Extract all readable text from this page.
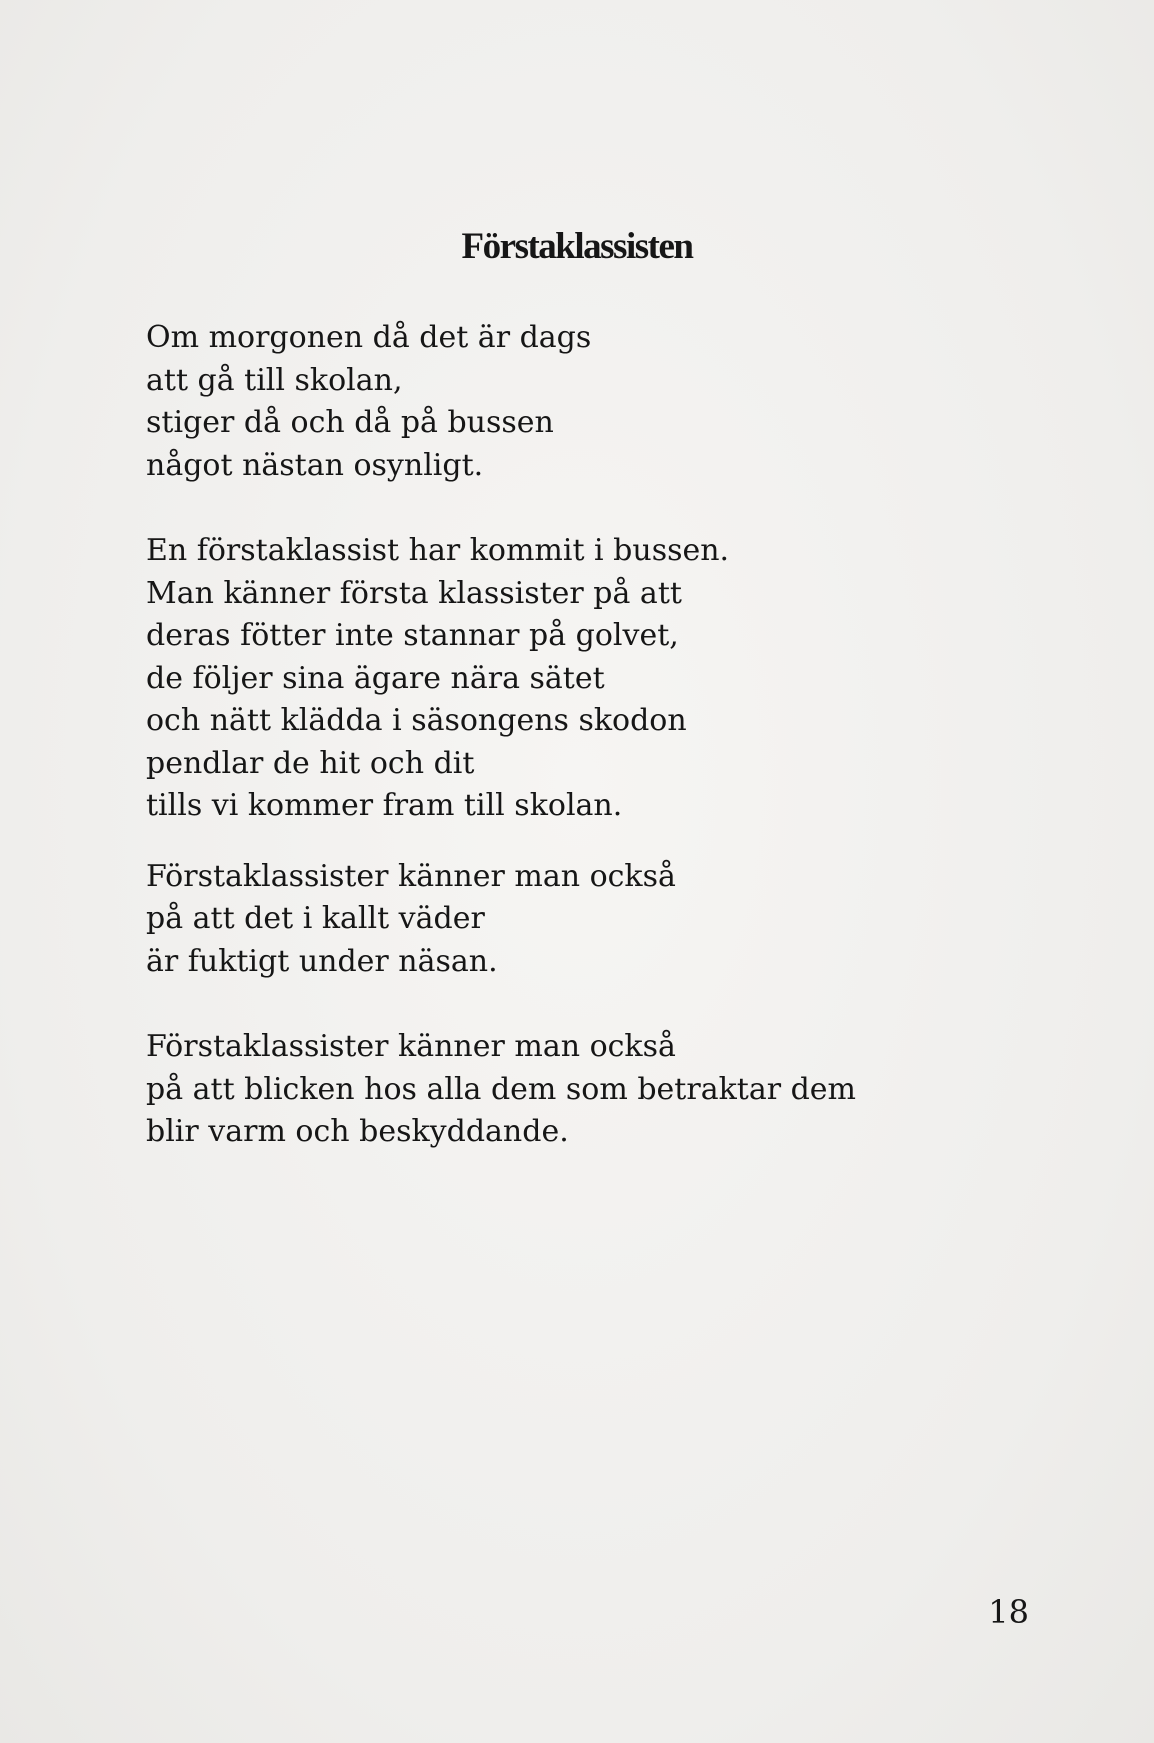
Förstaklassisten

Om morgonen då det är dags
att gå till skolan,
stiger då och då på bussen
något nästan osynligt.

En förstaklassist har kommit i bussen.
Man känner första klassister på att
deras fötter inte stannar på golvet,
de följer sina ägare nära sätet
och nätt klädda i säsongens skodon
pendlar de hit och dit
tills vi kommer fram till skolan.

Förstaklassister känner man också
på att det i kallt väder
är fuktigt under näsan.

Förstaklassister känner man också
på att blicken hos alla dem som betraktar dem
blir varm och beskyddande.

18
